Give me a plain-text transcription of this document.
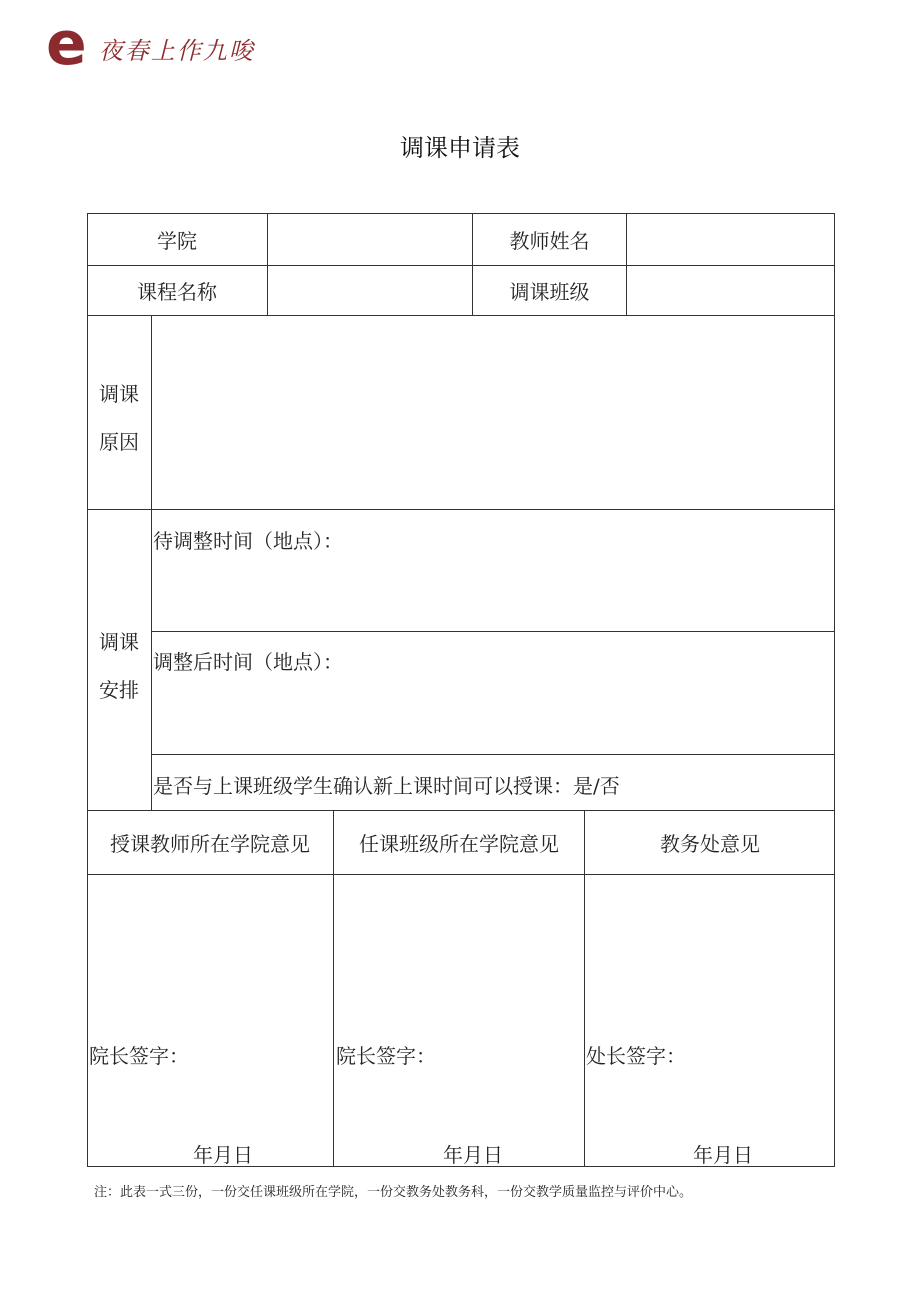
e 夜春上作九唆
调课申请表
学院	教师姓名
课程名称	调课班级
调课
原因
调课
安排
待调整时间（地点）：
调整后时间（地点）：
是否与上课班级学生确认新上课时间可以授课：是/否
授课教师所在学院意见	任课班级所在学院意见	教务处意见
院长签字：	院长签字：	处长签字：
年月日	年月日	年月日
注：此表一式三份，一份交任课班级所在学院，一份交教务处教务科，一份交教学质量监控与评价中心。
